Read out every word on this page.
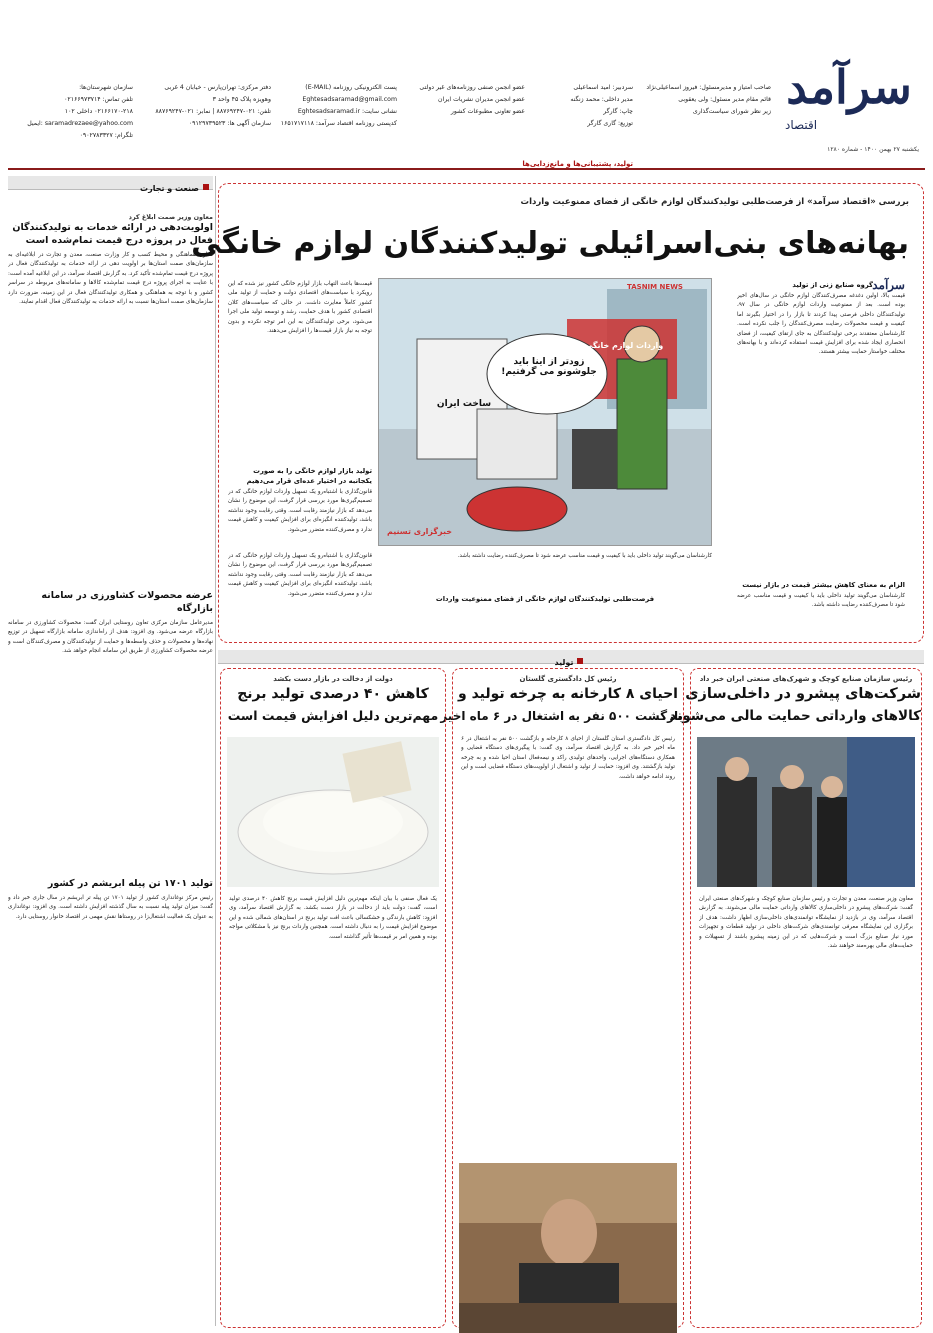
سرآمد
اقتصاد
صاحب امتیاز و مدیرمسئول: فیروز اسماعیلی‌نژاد
قائم مقام مدیر مسئول: ولی یعقوبی
زیر نظر شورای سیاست‌گذاری
سردبیر: امید اسماعیلی
مدیر داخلی: محمد زنگنه
چاپ: گارگر
توزیع: گاری گارگر
عضو انجمن صنفی روزنامه‌های غیر دولتی
عضو انجمن مدیران نشریات ایران
عضو تعاونی مطبوعات کشور
پست الکترونیکی روزنامه (E-MAIL)
Eghtesadsaramad@gmail.com
نشانی سایت: Eghtesadsaramad.ir
کدپستی روزنامه اقتصاد سرآمد: ۱۶۵۱۷۱۷۱۱۸
دفتر مرکزی: تهران‌پارس - خیابان 4 غربی
وهویزه پلاک ۴۵ واحد ۳
تلفن: ۰۲۱-۸۸۷۶۹۲۴۷ | نمابر: ۰۲۱-۸۸۷۶۹۲۴۷
سازمان آگهی ها: ۰۹۱۲۹۷۳۹۵۲۳
سازمان شهرستان‌ها:
تلفن تماس: ۰۲۱۶۶۹۷۳۷۱۴
۰۲۱۶۶۱۷۰-۲۱۸ داخلی ۱۰۲
saramadrezaee@yahoo.com :ایمیل
تلگرام: ۰۹۰۲۷۸۳۳۲۷
یکشنبه ۲۷ بهمن ۱۴۰۰ - شماره ۱۲۸۰
تولید، پشتیبانی‌ها و مانع‌زدایی‌ها
صنعت و تجارت
معاون وزیر صمت ابلاغ کرد
اولویت‌دهی در ارائه خدمات به تولیدکنندگان فعال در پروژه درج قیمت تمام‌شده است
معاون هماهنگی و محیط کسب و کار وزارت صنعت، معدن و تجارت در ابلاغیه‌ای به سازمان‌های صمت استان‌ها بر اولویت دهی در ارائه خدمات به تولیدکنندگان فعال در پروژه درج قیمت تمام‌شده تأکید کرد. به گزارش اقتصاد سرآمد، در این ابلاغیه آمده است: با عنایت به اجرای پروژه درج قیمت تمام‌شده کالاها و سامانه‌های مربوطه در سراسر کشور و با توجه به هماهنگی و همکاری تولیدکنندگان فعال در این زمینه، ضرورت دارد سازمان‌های صمت استان‌ها نسبت به ارائه خدمات به تولیدکنندگان فعال اقدام نمایند.
عرضه محصولات کشاورزی در سامانه بازارگاه
مدیرعامل سازمان مرکزی تعاون روستایی ایران گفت: محصولات کشاورزی در سامانه بازارگاه عرضه می‌شود. وی افزود: هدف از راه‌اندازی سامانه بازارگاه تسهیل در توزیع نهاده‌ها و محصولات و حذف واسطه‌ها و حمایت از تولیدکنندگان و مصرف‌کنندگان است و عرضه محصولات کشاورزی از طریق این سامانه انجام خواهد شد.
تولید ۱۷۰۱ تن پیله ابریشم در کشور
رئیس مرکز نوغانداری کشور از تولید ۱۷۰۱ تن پیله تر ابریشم در سال جاری خبر داد و گفت: میزان تولید پیله نسبت به سال گذشته افزایش داشته است. وی افزود: نوغانداری به عنوان یک فعالیت اشتغال‌زا در روستاها نقش مهمی در اقتصاد خانوار روستایی دارد.
بررسی «اقتصاد سرآمد» از فرصت‌طلبی تولیدکنندگان لوازم خانگی از فضای ممنوعیت واردات
بهانه‌های بنی‌اسرائیلی تولیدکنندگان لوازم خانگی
سرآمد
گروه صنایع زنی از تولید
قیمت بالا، اولین دغدغه مصرف‌کنندگان لوازم خانگی در سال‌های اخیر بوده است. بعد از ممنوعیت واردات لوازم خانگی در سال ۹۷، تولیدکنندگان داخلی فرصتی پیدا کردند تا بازار را در اختیار بگیرند اما کیفیت و قیمت محصولات رضایت مصرف‌کنندگان را جلب نکرده است. کارشناسان معتقدند برخی تولیدکنندگان به جای ارتقای کیفیت، از فضای انحصاری ایجاد شده برای افزایش قیمت استفاده کرده‌اند و با بهانه‌های مختلف خواستار حمایت بیشتر هستند.
الزام به معنای کاهش بیشتر قیمت در بازار نیست
کارشناسان می‌گویند تولید داخلی باید با کیفیت و قیمت مناسب عرضه شود تا مصرف‌کننده رضایت داشته باشد.
TASNIM NEWS
زودتر از اینا باید جلوشونو می گرفتیم!
واردات لوازم خانگی
ساخت ایران
خبرگزاری تسنیم
قیمت‌ها باعث التهاب بازار لوازم خانگی کشور نیز شده که این رویکرد با سیاست‌های اقتصادی دولت و حمایت از تولید ملی کشور کاملاً مغایرت داشت. در حالی که سیاست‌های کلان اقتصادی کشور با هدف حمایت، رشد و توسعه تولید ملی اجرا می‌شود، برخی تولیدکنندگان به این امر توجه نکرده و بدون توجه به نیاز بازار قیمت‌ها را افزایش می‌دهند.
تولید بازار لوازم خانگی را به صورت یکجانبه در اختیار عده‌ای قرار می‌دهیم
قانون‌گذاری با اشتباه‌رو یک تسهیل واردات لوازم خانگی که در تصمیم‌گیری‌ها مورد بررسی قرار گرفت، این موضوع را نشان می‌دهد که بازار نیازمند رقابت است. وقتی رقابت وجود نداشته باشد، تولیدکننده انگیزه‌ای برای افزایش کیفیت و کاهش قیمت ندارد و مصرف‌کننده متضرر می‌شود.
کارشناسان می‌گویند تولید داخلی باید با کیفیت و قیمت مناسب عرضه شود تا مصرف‌کننده رضایت داشته باشد.
فرصت‌طلبی تولیدکنندگان لوازم خانگی از فضای ممنوعیت واردات
قانون‌گذاری با اشتباه‌رو یک تسهیل واردات لوازم خانگی که در تصمیم‌گیری‌ها مورد بررسی قرار گرفت، این موضوع را نشان می‌دهد که بازار نیازمند رقابت است. وقتی رقابت وجود نداشته باشد، تولیدکننده انگیزه‌ای برای افزایش کیفیت و کاهش قیمت ندارد و مصرف‌کننده متضرر می‌شود.
تولید
رئیس سازمان صنایع کوچک و شهرک‌های صنعتی ایران خبر داد
شرکت‌های پیشرو در داخلی‌سازی
کالاهای وارداتی حمایت مالی می‌شوند
معاون وزیر صنعت، معدن و تجارت و رئیس سازمان صنایع کوچک و شهرک‌های صنعتی ایران گفت: شرکت‌های پیشرو در داخلی‌سازی کالاهای وارداتی حمایت مالی می‌شوند. به گزارش اقتصاد سرآمد، وی در بازدید از نمایشگاه توانمندی‌های داخلی‌سازی اظهار داشت: هدف از برگزاری این نمایشگاه معرفی توانمندی‌های شرکت‌های داخلی در تولید قطعات و تجهیزات مورد نیاز صنایع بزرگ است و شرکت‌هایی که در این زمینه پیشرو باشند از تسهیلات و حمایت‌های مالی بهره‌مند خواهند شد.
رئیس کل دادگستری گلستان
احیای ۸ کارخانه به چرخه تولید و
بازگشت ۵۰۰ نفر به اشتغال در ۶ ماه اخیر
رئیس کل دادگستری استان گلستان از احیای ۸ کارخانه و بازگشت ۵۰۰ نفر به اشتغال در ۶ ماه اخیر خبر داد. به گزارش اقتصاد سرآمد، وی گفت: با پیگیری‌های دستگاه قضایی و همکاری دستگاه‌های اجرایی، واحدهای تولیدی راکد و نیمه‌فعال استان احیا شده و به چرخه تولید بازگشتند. وی افزود: حمایت از تولید و اشتغال از اولویت‌های دستگاه قضایی است و این روند ادامه خواهد داشت.
دولت از دخالت در بازار دست بکشد
کاهش ۴۰ درصدی تولید برنج
مهم‌ترین دلیل افزایش قیمت است
یک فعال صنفی با بیان اینکه مهم‌ترین دلیل افزایش قیمت برنج کاهش ۴۰ درصدی تولید است، گفت: دولت باید از دخالت در بازار دست بکشد. به گزارش اقتصاد سرآمد، وی افزود: کاهش بارندگی و خشکسالی باعث افت تولید برنج در استان‌های شمالی شده و این موضوع افزایش قیمت را به دنبال داشته است. همچنین واردات برنج نیز با مشکلاتی مواجه بوده و همین امر بر قیمت‌ها تأثیر گذاشته است.
